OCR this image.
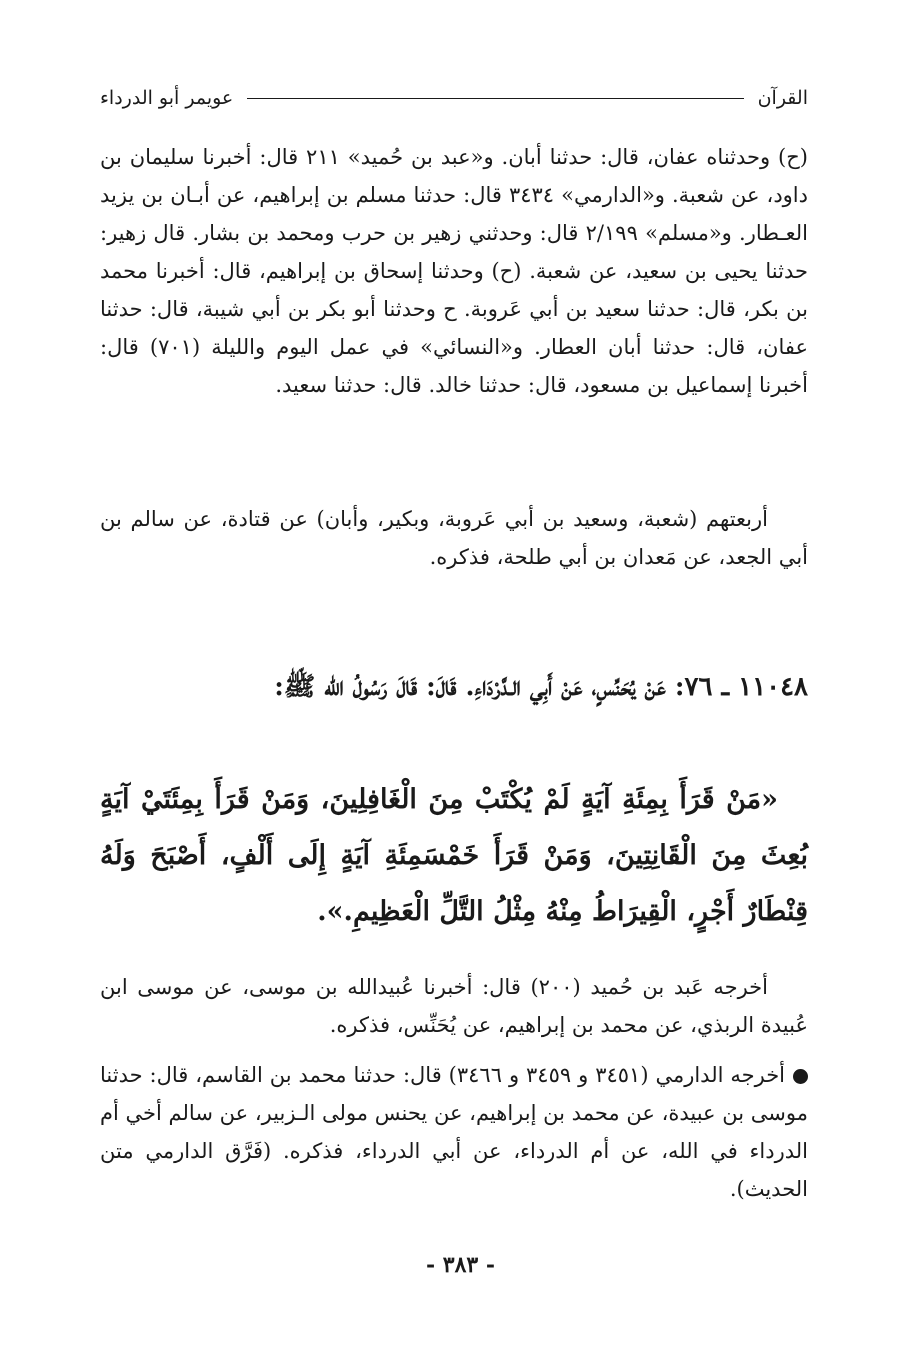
القرآن
عويمر أبو الدرداء

(ح) وحدثناه عفان، قال: حدثنا أبان. و«عبد بن حُميد» ٢١١ قال: أخبرنا سليمان بن داود، عن شعبة. و«الدارمي» ٣٤٣٤ قال: حدثنا مسلم بن إبراهيم، عن أبـان بن يزيد العـطار. و«مسلم» ٢/١٩٩ قال: وحدثني زهير بن حرب ومحمد بن بشار. قال زهير: حدثنا يحيى بن سعيد، عن شعبة. (ح) وحدثنا إسحاق بن إبراهيم، قال: أخبرنا محمد بن بكر، قال: حدثنا سعيد بن أبي عَروبة. ح وحدثنا أبو بكر بن أبي شيبة، قال: حدثنا عفان، قال: حدثنا أبان العطار. و«النسائي» في عمل اليوم والليلة (٧٠١) قال: أخبرنا إسماعيل بن مسعود، قال: حدثنا خالد. قال: حدثنا سعيد.

أربعتهم (شعبة، وسعيد بن أبي عَروبة، وبكير، وأبان) عن قتادة، عن سالم بن أبي الجعد، عن مَعدان بن أبي طلحة، فذكره.

١١٠٤٨ ـ ٧٦: عَنْ يُحَنِّسٍ، عَنْ أَبِي الـدَّرْدَاءِ. قَالَ: قَالَ رَسُولُ الله ﷺ:

«مَنْ قَرَأَ بِمِئَةِ آيَةٍ لَمْ يُكْتَبْ مِنَ الْغَافِلِينَ، وَمَنْ قَرَأَ بِمِئَتَيْ آيَةٍ بُعِثَ مِنَ الْقَانِتِينَ، وَمَنْ قَرَأَ خَمْسَمِئَةِ آيَةٍ إِلَى أَلْفٍ، أَصْبَحَ وَلَهُ قِنْطَارٌ أَجْرٍ، الْقِيرَاطُ مِنْهُ مِثْلُ التَّلِّ الْعَظِيمِ.».

أخرجه عَبد بن حُميد (٢٠٠) قال: أخبرنا عُبيدالله بن موسى، عن موسى ابن عُبيدة الربذي، عن محمد بن إبراهيم، عن يُحَنِّس، فذكره.

أخرجه الدارمي (٣٤٥١ و ٣٤٥٩ و ٣٤٦٦) قال: حدثنا محمد بن القاسم، قال: حدثنا موسى بن عبيدة، عن محمد بن إبراهيم، عن يحنس مولى الـزبير، عن سالم أخي أم الدرداء في الله، عن أم الدرداء، عن أبي الدرداء، فذكره. (فَرَّق الدارمي متن الحديث).

- ٣٨٣ -
